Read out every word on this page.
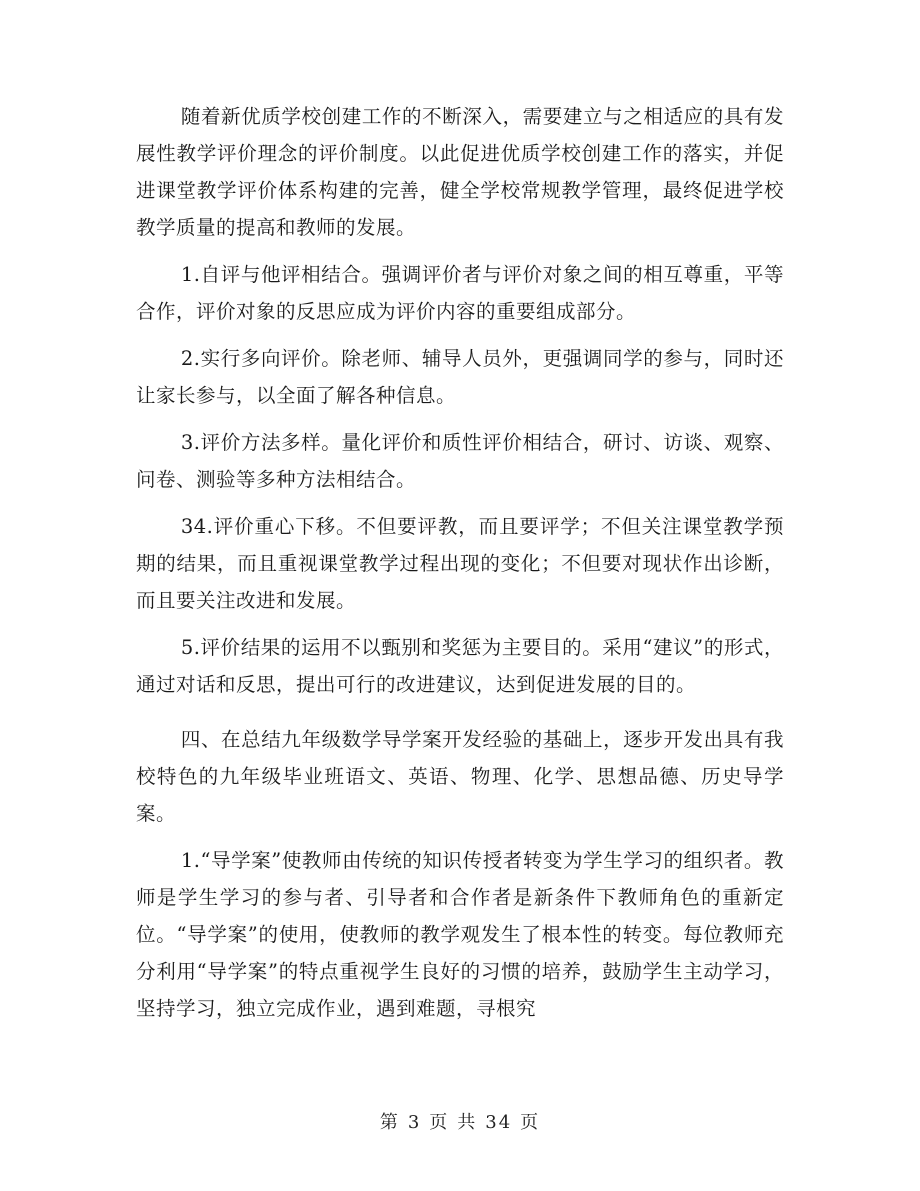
随着新优质学校创建工作的不断深入，需要建立与之相适应的具有发展性教学评价理念的评价制度。以此促进优质学校创建工作的落实，并促进课堂教学评价体系构建的完善，健全学校常规教学管理，最终促进学校教学质量的提高和教师的发展。

1.自评与他评相结合。强调评价者与评价对象之间的相互尊重，平等合作，评价对象的反思应成为评价内容的重要组成部分。

2.实行多向评价。除老师、辅导人员外，更强调同学的参与，同时还让家长参与，以全面了解各种信息。

3.评价方法多样。量化评价和质性评价相结合，研讨、访谈、观察、问卷、测验等多种方法相结合。

34.评价重心下移。不但要评教，而且要评学；不但关注课堂教学预期的结果，而且重视课堂教学过程出现的变化；不但要对现状作出诊断，而且要关注改进和发展。

5.评价结果的运用不以甄别和奖惩为主要目的。采用“建议”的形式，通过对话和反思，提出可行的改进建议，达到促进发展的目的。

四、在总结九年级数学导学案开发经验的基础上，逐步开发出具有我校特色的九年级毕业班语文、英语、物理、化学、思想品德、历史导学案。

1.“导学案”使教师由传统的知识传授者转变为学生学习的组织者。教师是学生学习的参与者、引导者和合作者是新条件下教师角色的重新定位。“导学案”的使用，使教师的教学观发生了根本性的转变。每位教师充分利用“导学案”的特点重视学生良好的习惯的培养，鼓励学生主动学习，坚持学习，独立完成作业，遇到难题，寻根究

第 3 页 共 34 页
